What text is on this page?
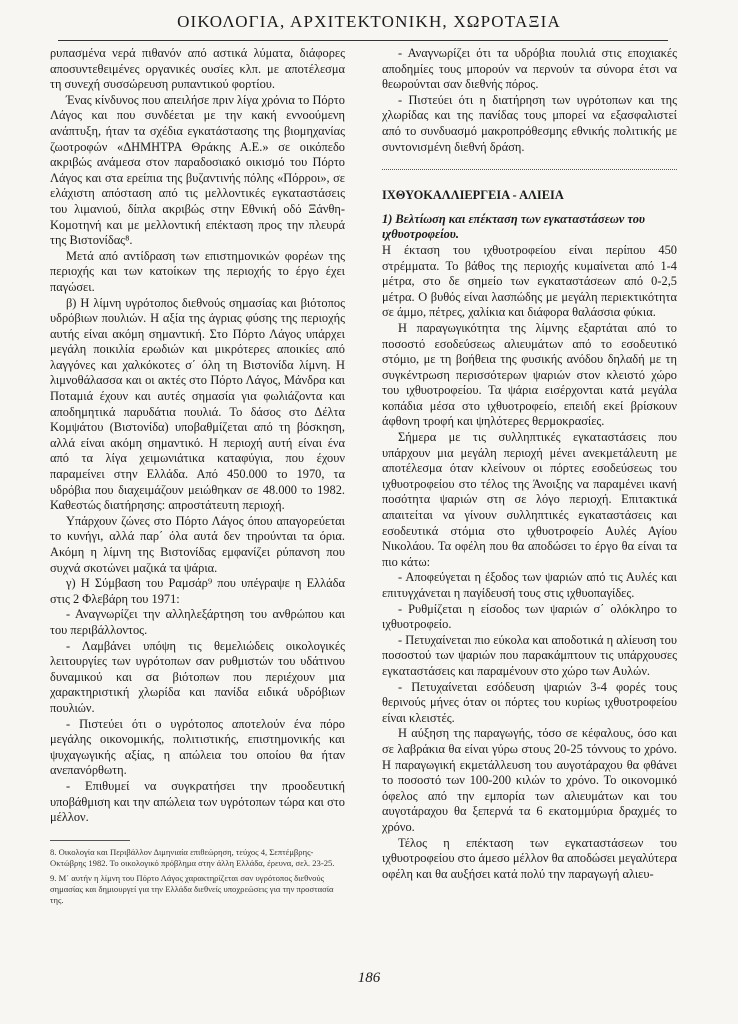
ΟΙΚΟΛΟΓΙΑ, ΑΡΧΙΤΕΚΤΟΝΙΚΗ, ΧΩΡΟΤΑΞΙΑ

ρυπασμένα νερά πιθανόν από αστικά λύματα, διάφορες αποσυντεθειμένες οργανικές ουσίες κλπ. με αποτέλεσμα τη συνεχή συσσώρευση ρυπαντικού φορτίου.

Ένας κίνδυνος που απειλήσε πριν λίγα χρόνια το Πόρτο Λάγος και που συνδέεται με την κακή εννοούμενη ανάπτυξη, ήταν τα σχέδια εγκατάστασης της βιομηχανίας ζωοτροφών «ΔΗΜΗΤΡΑ Θράκης Α.Ε.» σε οικόπεδο ακριβώς ανάμεσα στον παραδοσιακό οικισμό του Πόρτο Λάγος και στα ερείπια της βυζαντινής πόλης «Πόρροι», σε ελάχιστη απόσταση από τις μελλοντικές εγκαταστάσεις του λιμανιού, δίπλα ακριβώς στην Εθνική οδό Ξάνθη-Κομοτηνή και με μελλοντική επέκταση προς την πλευρά της Βιστονίδας⁸.

Μετά από αντίδραση των επιστημονικών φορέων της περιοχής και των κατοίκων της περιοχής το έργο έχει παγώσει.

β) Η λίμνη υγρότοπος διεθνούς σημασίας και βιότοπος υδρόβιων πουλιών. Η αξία της άγριας φύσης της περιοχής αυτής είναι ακόμη σημαντική. Στο Πόρτο Λάγος υπάρχει μεγάλη ποικιλία ερωδιών και μικρότερες αποικίες από λαγγόνες και χαλκόκοτες σ΄ όλη τη Βιστονίδα λίμνη. Η λιμνοθάλασσα και οι ακτές στο Πόρτο Λάγος, Μάνδρα και Ποταμιά έχουν και αυτές σημασία για φωλιάζοντα και αποδημητικά παρυδάτια πουλιά. Το δάσος στο Δέλτα Κομψάτου (Βιστονίδα) υποβαθμίζεται από τη βόσκηση, αλλά είναι ακόμη σημαντικό. Η περιοχή αυτή είναι ένα από τα λίγα χειμωνιάτικα καταφύγια, που έχουν παραμείνει στην Ελλάδα. Από 450.000 το 1970, τα υδρόβια που διαχειμάζουν μειώθηκαν σε 48.000 το 1982. Καθεστώς διατήρησης: απροστάτευτη περιοχή.

Υπάρχουν ζώνες στο Πόρτο Λάγος όπου απαγορεύεται το κυνήγι, αλλά παρ΄ όλα αυτά δεν τηρούνται τα όρια. Ακόμη η λίμνη της Βιστονίδας εμφανίζει ρύπανση που συχνά σκοτώνει μαζικά τα ψάρια.

γ) Η Σύμβαση του Ραμσάρ⁹ που υπέγραψε η Ελλάδα στις 2 Φλεβάρη του 1971:

- Αναγνωρίζει την αλληλεξάρτηση του ανθρώπου και του περιβάλλοντος.

- Λαμβάνει υπόψη τις θεμελιώδεις οικολογικές λειτουργίες των υγρότοπων σαν ρυθμιστών του υδάτινου δυναμικού και σα βιότοπων που περιέχουν μια χαρακτηριστική χλωρίδα και πανίδα ειδικά υδρόβιων πουλιών.

- Πιστεύει ότι ο υγρότοπος αποτελούν ένα πόρο μεγάλης οικονομικής, πολιτιστικής, επιστημονικής και ψυχαγωγικής αξίας, η απώλεια του οποίου θα ήταν ανεπανόρθωτη.

- Επιθυμεί να συγκρατήσει την προοδευτική υποβάθμιση και την απώλεια των υγρότοπων τώρα και στο μέλλον.

8. Οικολογία και Περιβάλλον Διμηνιαία επιθεώρηση, τεύχος 4, Σεπτέμβρης-Οκτώβρης 1982. Το οικολογικό πρόβλημα στην άλλη Ελλάδα, έρευνα, σελ. 23-25.

9. Μ΄ αυτήν η λίμνη του Πόρτο Λάγος χαρακτηρίζεται σαν υγρότοπος διεθνούς σημασίας και δημιουργεί για την Ελλάδα διεθνείς υποχρεώσεις για την προστασία της.

- Αναγνωρίζει ότι τα υδρόβια πουλιά στις εποχιακές αποδημίες τους μπορούν να περνούν τα σύνορα έτσι να θεωρούνται σαν διεθνής πόρος.

- Πιστεύει ότι η διατήρηση των υγρότοπων και της χλωρίδας και της πανίδας τους μπορεί να εξασφαλιστεί από το συνδυασμό μακροπρόθεσμης εθνικής πολιτικής με συντονισμένη διεθνή δράση.

ΙΧΘΥΟΚΑΛΛΙΕΡΓΕΙΑ - ΑΛΙΕΙΑ

1) Βελτίωση και επέκταση των εγκαταστάσεων του ιχθυοτροφείου.

Η έκταση του ιχθυοτροφείου είναι περίπου 450 στρέμματα. Το βάθος της περιοχής κυμαίνεται από 1-4 μέτρα, στο δε σημείο των εγκαταστάσεων από 0-2,5 μέτρα. Ο βυθός είναι λασπώδης με μεγάλη περιεκτικότητα σε άμμο, πέτρες, χαλίκια και διάφορα θαλάσσια φύκια.

Η παραγωγικότητα της λίμνης εξαρτάται από το ποσοστό εσοδεύσεως αλιευμάτων από το εσοδευτικό στόμιο, με τη βοήθεια της φυσικής ανόδου δηλαδή με τη συγκέντρωση περισσότερων ψαριών στον κλειστό χώρο του ιχθυοτροφείου. Τα ψάρια εισέρχονται κατά μεγάλα κοπάδια μέσα στο ιχθυοτροφείο, επειδή εκεί βρίσκουν άφθονη τροφή και ψηλότερες θερμοκρασίες.

Σήμερα με τις συλληπτικές εγκαταστάσεις που υπάρχουν μια μεγάλη περιοχή μένει ανεκμετάλευτη με αποτέλεσμα όταν κλείνουν οι πόρτες εσοδεύσεως του ιχθυοτροφείου στο τέλος της Άνοιξης να παραμένει ικανή ποσότητα ψαριών στη σε λόγο περιοχή. Επιτακτικά απαιτείται να γίνουν συλληπτικές εγκαταστάσεις και εσοδευτικά στόμια στο ιχθυοτροφείο Αυλές Αγίου Νικολάου. Τα οφέλη που θα αποδώσει το έργο θα είναι τα πιο κάτω:

- Αποφεύγεται η έξοδος των ψαριών από τις Αυλές και επιτυγχάνεται η παγίδευσή τους στις ιχθυοπαγίδες.

- Ρυθμίζεται η είσοδος των ψαριών σ΄ ολόκληρο το ιχθυοτροφείο.

- Πετυχαίνεται πιο εύκολα και αποδοτικά η αλίευση του ποσοστού των ψαριών που παρακάμπτουν τις υπάρχουσες εγκαταστάσεις και παραμένουν στο χώρο των Αυλών.

- Πετυχαίνεται εσόδευση ψαριών 3-4 φορές τους θερινούς μήνες όταν οι πόρτες του κυρίως ιχθυοτροφείου είναι κλειστές.

Η αύξηση της παραγωγής, τόσο σε κέφαλους, όσο και σε λαβράκια θα είναι γύρω στους 20-25 τόννους το χρόνο. Η παραγωγική εκμετάλλευση του αυγοτάραχου θα φθάνει το ποσοστό των 100-200 κιλών το χρόνο. Το οικονομικό όφελος από την εμπορία των αλιευμάτων και του αυγοτάραχου θα ξεπερνά τα 6 εκατομμύρια δραχμές το χρόνο.

Τέλος η επέκταση των εγκαταστάσεων του ιχθυοτροφείου στο άμεσο μέλλον θα αποδώσει μεγαλύτερα οφέλη και θα αυξήσει κατά πολύ την παραγωγή αλιευ-

186
